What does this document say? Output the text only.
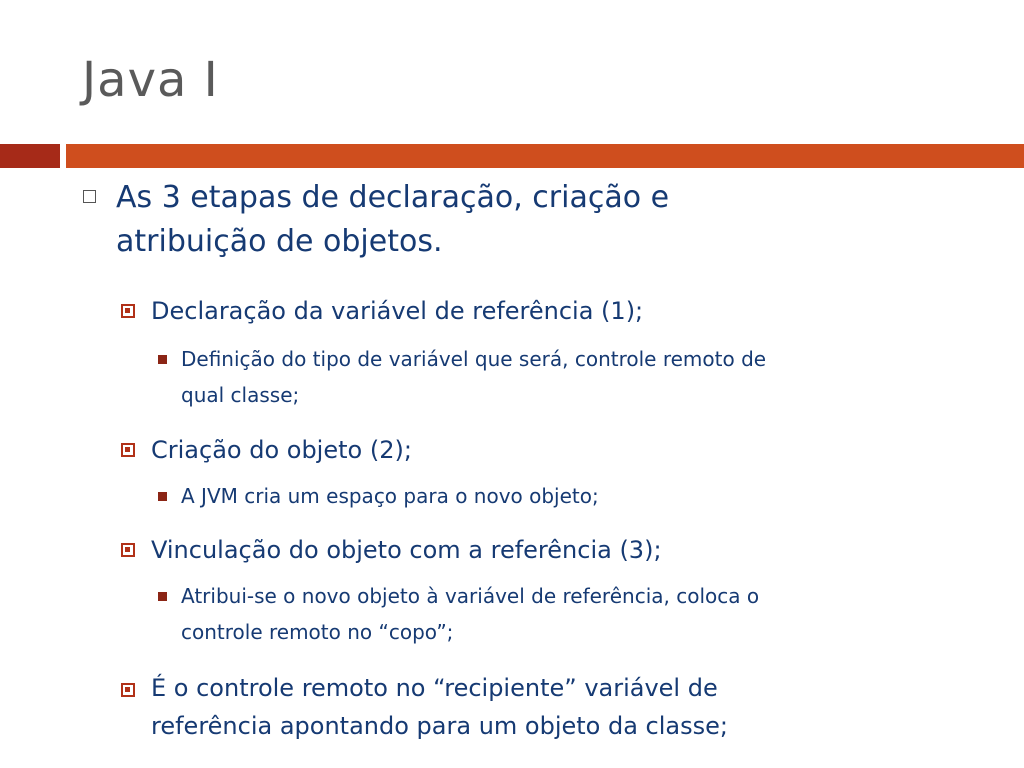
Java I
As 3 etapas de declaração, criação e
atribuição de objetos.
Declaração da variável de referência (1);
Definição do tipo de variável que será, controle remoto de
qual classe;
Criação do objeto (2);
A JVM cria um espaço para o novo objeto;
Vinculação do objeto com a referência (3);
Atribui-se o novo objeto à variável de referência, coloca o
controle remoto no “copo”;
É o controle remoto no “recipiente” variável de
referência apontando para um objeto da classe;
